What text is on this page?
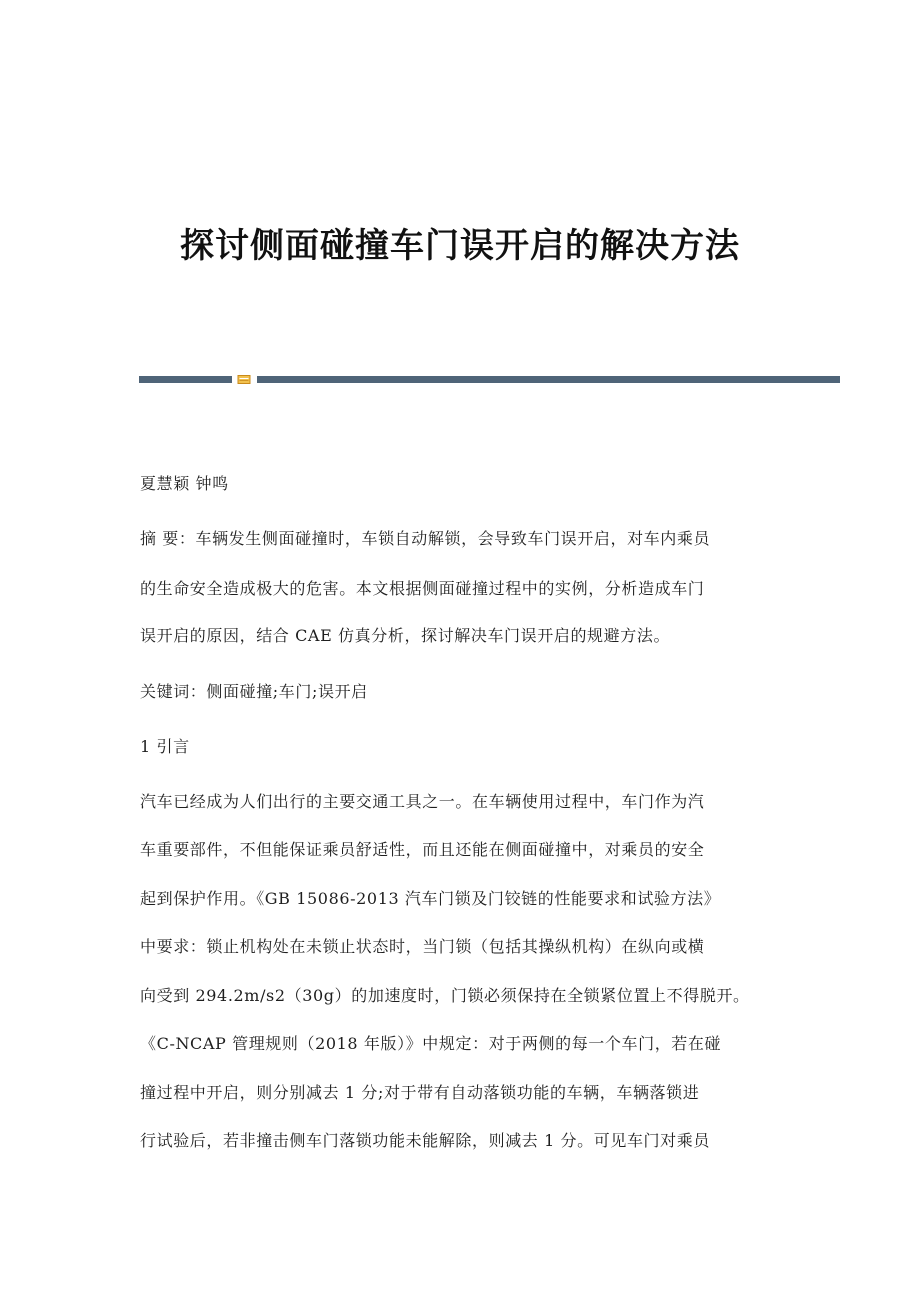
探讨侧面碰撞车门误开启的解决方法
夏慧颖 钟鸣
摘 要：车辆发生侧面碰撞时，车锁自动解锁，会导致车门误开启，对车内乘员
的生命安全造成极大的危害。本文根据侧面碰撞过程中的实例，分析造成车门
误开启的原因，结合 CAE 仿真分析，探讨解决车门误开启的规避方法。
关键词：侧面碰撞;车门;误开启
1 引言
汽车已经成为人们出行的主要交通工具之一。在车辆使用过程中，车门作为汽
车重要部件，不但能保证乘员舒适性，而且还能在侧面碰撞中，对乘员的安全
起到保护作用。《GB 15086-2013 汽车门锁及门铰链的性能要求和试验方法》
中要求：锁止机构处在未锁止状态时，当门锁（包括其操纵机构）在纵向或横
向受到 294.2m/s2（30g）的加速度时，门锁必须保持在全锁紧位置上不得脱开。
《C-NCAP 管理规则（2018 年版）》中规定：对于两侧的每一个车门，若在碰
撞过程中开启，则分别减去 1 分;对于带有自动落锁功能的车辆，车辆落锁进
行试验后，若非撞击侧车门落锁功能未能解除，则减去 1 分。可见车门对乘员
